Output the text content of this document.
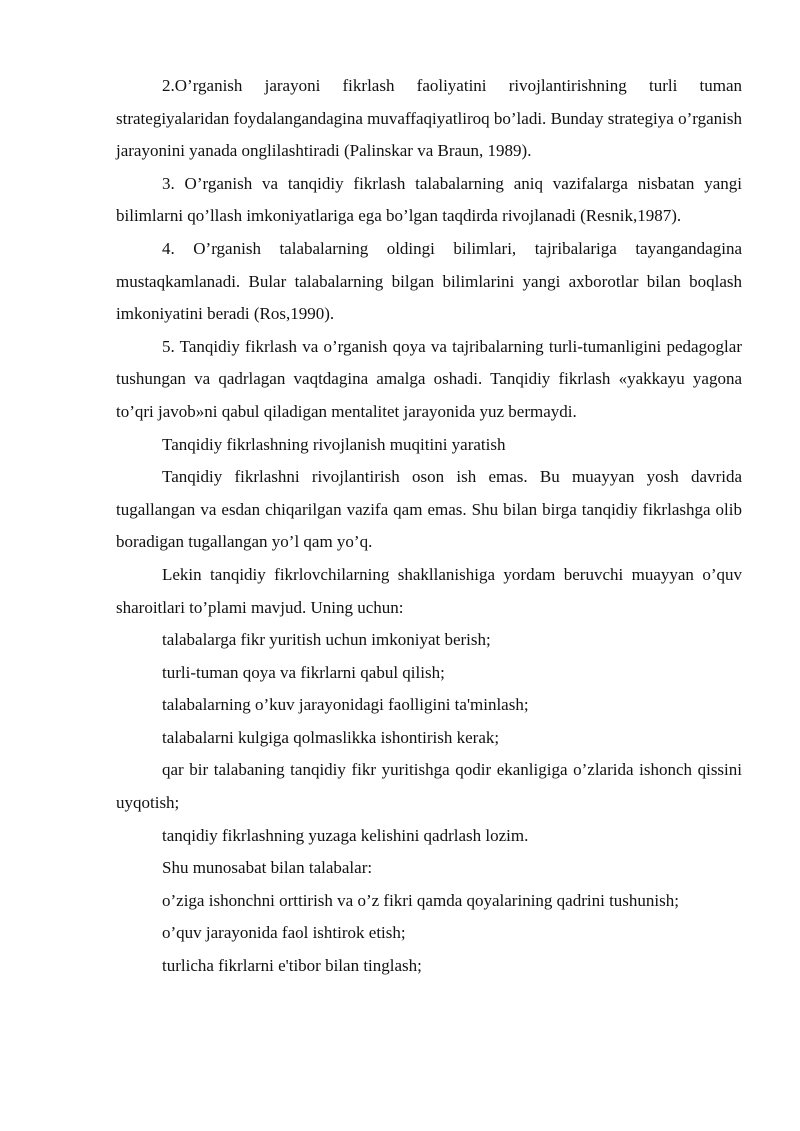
2.O’rganish jarayoni fikrlash faoliyatini rivojlantirishning turli tuman strategiyalaridan foydalangandagina muvaffaqiyatliroq bo’ladi. Bunday strategiya o’rganish jarayonini yanada onglilashtiradi (Palinskar va Braun, 1989).

3. O’rganish va tanqidiy fikrlash talabalarning aniq vazifalarga nisbatan yangi bilimlarni qo’llash imkoniyatlariga ega bo’lgan taqdirda rivojlanadi (Resnik,1987).

4. O’rganish talabalarning oldingi bilimlari, tajribalariga tayangandagina mustaqkamlanadi. Bular talabalarning bilgan bilimlarini yangi axborotlar bilan boqlash imkoniyatini beradi (Ros,1990).

5. Tanqidiy fikrlash va o’rganish qoya va tajribalarning turli-tumanligini pedagoglar tushungan va qadrlagan vaqtdagina amalga oshadi. Tanqidiy fikrlash «yakkayu yagona to’qri javob»ni qabul qiladigan mentalitet jarayonida yuz bermaydi.

Tanqidiy fikrlashning rivojlanish muqitini yaratish

Tanqidiy fikrlashni rivojlantirish oson ish emas. Bu muayyan yosh davrida tugallangan va esdan chiqarilgan vazifa qam emas. Shu bilan birga tanqidiy fikrlashga olib boradigan tugallangan yo’l qam yo’q.

Lekin tanqidiy fikrlovchilarning shakllanishiga yordam beruvchi muayyan o’quv sharoitlari to’plami mavjud. Uning uchun:

talabalarga fikr yuritish uchun imkoniyat berish;

turli-tuman qoya va fikrlarni qabul qilish;

talabalarning o’kuv jarayonidagi faolligini ta'minlash;

talabalarni kulgiga qolmaslikka ishontirish kerak;

qar bir talabaning tanqidiy fikr yuritishga qodir ekanligiga o’zlarida ishonch qissini uyqotish;

tanqidiy fikrlashning yuzaga kelishini qadrlash lozim.

Shu munosabat bilan talabalar:

o’ziga ishonchni orttirish va o’z fikri qamda qoyalarining qadrini tushunish;

o’quv jarayonida faol ishtirok etish;

turlicha fikrlarni e'tibor bilan tinglash;
